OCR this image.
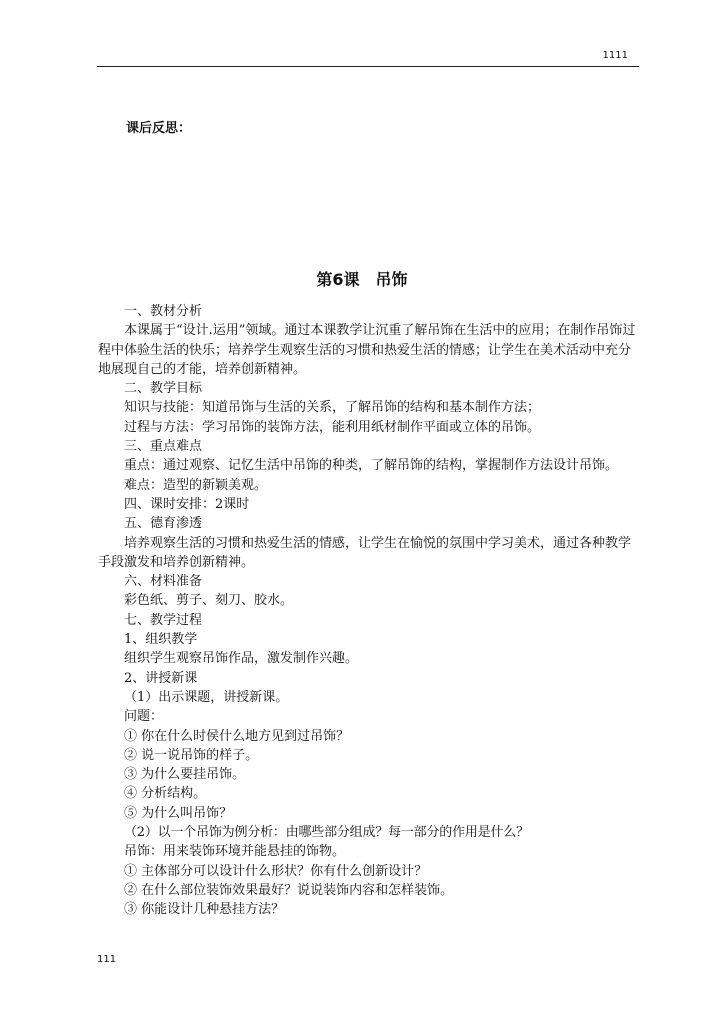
1111
课后反思：
第6课　吊饰

一、教材分析

本课属于“设计.运用”领域。通过本课教学让沉重了解吊饰在生活中的应用；在制作吊饰过程中体验生活的快乐；培养学生观察生活的习惯和热爱生活的情感；让学生在美术活动中充分地展现自己的才能，培养创新精神。

二、教学目标

知识与技能：知道吊饰与生活的关系，了解吊饰的结构和基本制作方法；

过程与方法：学习吊饰的装饰方法，能利用纸材制作平面或立体的吊饰。

三、重点难点

重点：通过观察、记忆生活中吊饰的种类，了解吊饰的结构，掌握制作方法设计吊饰。

难点：造型的新颖美观。

四、课时安排：2课时

五、德育渗透

培养观察生活的习惯和热爱生活的情感，让学生在愉悦的氛围中学习美术，通过各种教学手段激发和培养创新精神。

六、材料准备

彩色纸、剪子、刻刀、胶水。

七、教学过程

1、组织教学

组织学生观察吊饰作品，激发制作兴趣。

2、讲授新课

（1）出示课题，讲授新课。

问题：

① 你在什么时侯什么地方见到过吊饰？

② 说一说吊饰的样子。

③ 为什么要挂吊饰。

④ 分析结构。

⑤ 为什么叫吊饰？

（2）以一个吊饰为例分析：由哪些部分组成？每一部分的作用是什么？

吊饰：用来装饰环境并能悬挂的饰物。

① 主体部分可以设计什么形状？你有什么创新设计？

② 在什么部位装饰效果最好？说说装饰内容和怎样装饰。

③ 你能设计几种悬挂方法？

111
